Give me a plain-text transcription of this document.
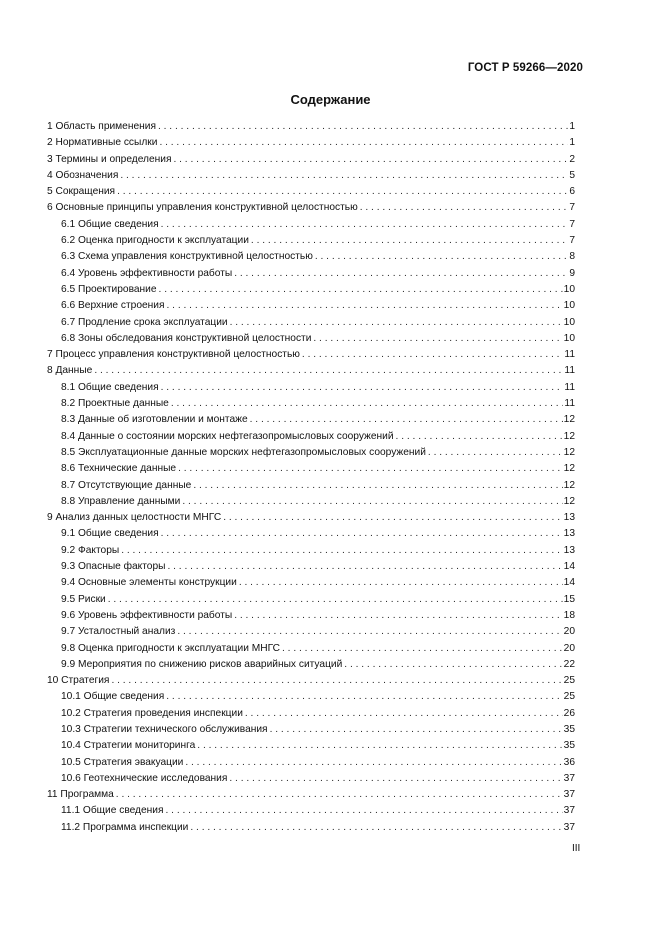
ГОСТ Р 59266—2020
Содержание
1 Область применения . . .	1
2 Нормативные ссылки . . .	1
3 Термины и определения . . .	2
4 Обозначения . . .	5
5 Сокращения . . .	6
6 Основные принципы управления конструктивной целостностью . . .	7
6.1 Общие сведения . . .	7
6.2 Оценка пригодности к эксплуатации . . .	7
6.3 Схема управления конструктивной целостностью . . .	8
6.4 Уровень эффективности работы . . .	9
6.5 Проектирование . . .	10
6.6 Верхние строения . . .	10
6.7 Продление срока эксплуатации . . .	10
6.8 Зоны обследования конструктивной целостности . . .	10
7 Процесс управления конструктивной целостностью . . .	11
8 Данные . . .	11
8.1 Общие сведения . . .	11
8.2 Проектные данные . . .	11
8.3 Данные об изготовлении и монтаже . . .	12
8.4 Данные о состоянии морских нефтегазопромысловых сооружений . . .	12
8.5 Эксплуатационные данные морских нефтегазопромысловых сооружений . . .	12
8.6 Технические данные . . .	12
8.7 Отсутствующие данные . . .	12
8.8 Управление данными . . .	12
9 Анализ данных целостности МНГС . . .	13
9.1 Общие сведения . . .	13
9.2 Факторы . . .	13
9.3 Опасные факторы . . .	14
9.4 Основные элементы конструкции . . .	14
9.5 Риски . . .	15
9.6 Уровень эффективности работы . . .	18
9.7 Усталостный анализ . . .	20
9.8 Оценка пригодности к эксплуатации МНГС . . .	20
9.9 Мероприятия по снижению рисков аварийных ситуаций . . .	22
10 Стратегия . . .	25
10.1 Общие сведения . . .	25
10.2 Стратегия проведения инспекции . . .	26
10.3 Стратегии технического обслуживания . . .	35
10.4 Стратегии мониторинга . . .	35
10.5 Стратегия эвакуации . . .	36
10.6 Геотехнические исследования . . .	37
11 Программа . . .	37
11.1 Общие сведения . . .	37
11.2 Программа инспекции . . .	37
III
